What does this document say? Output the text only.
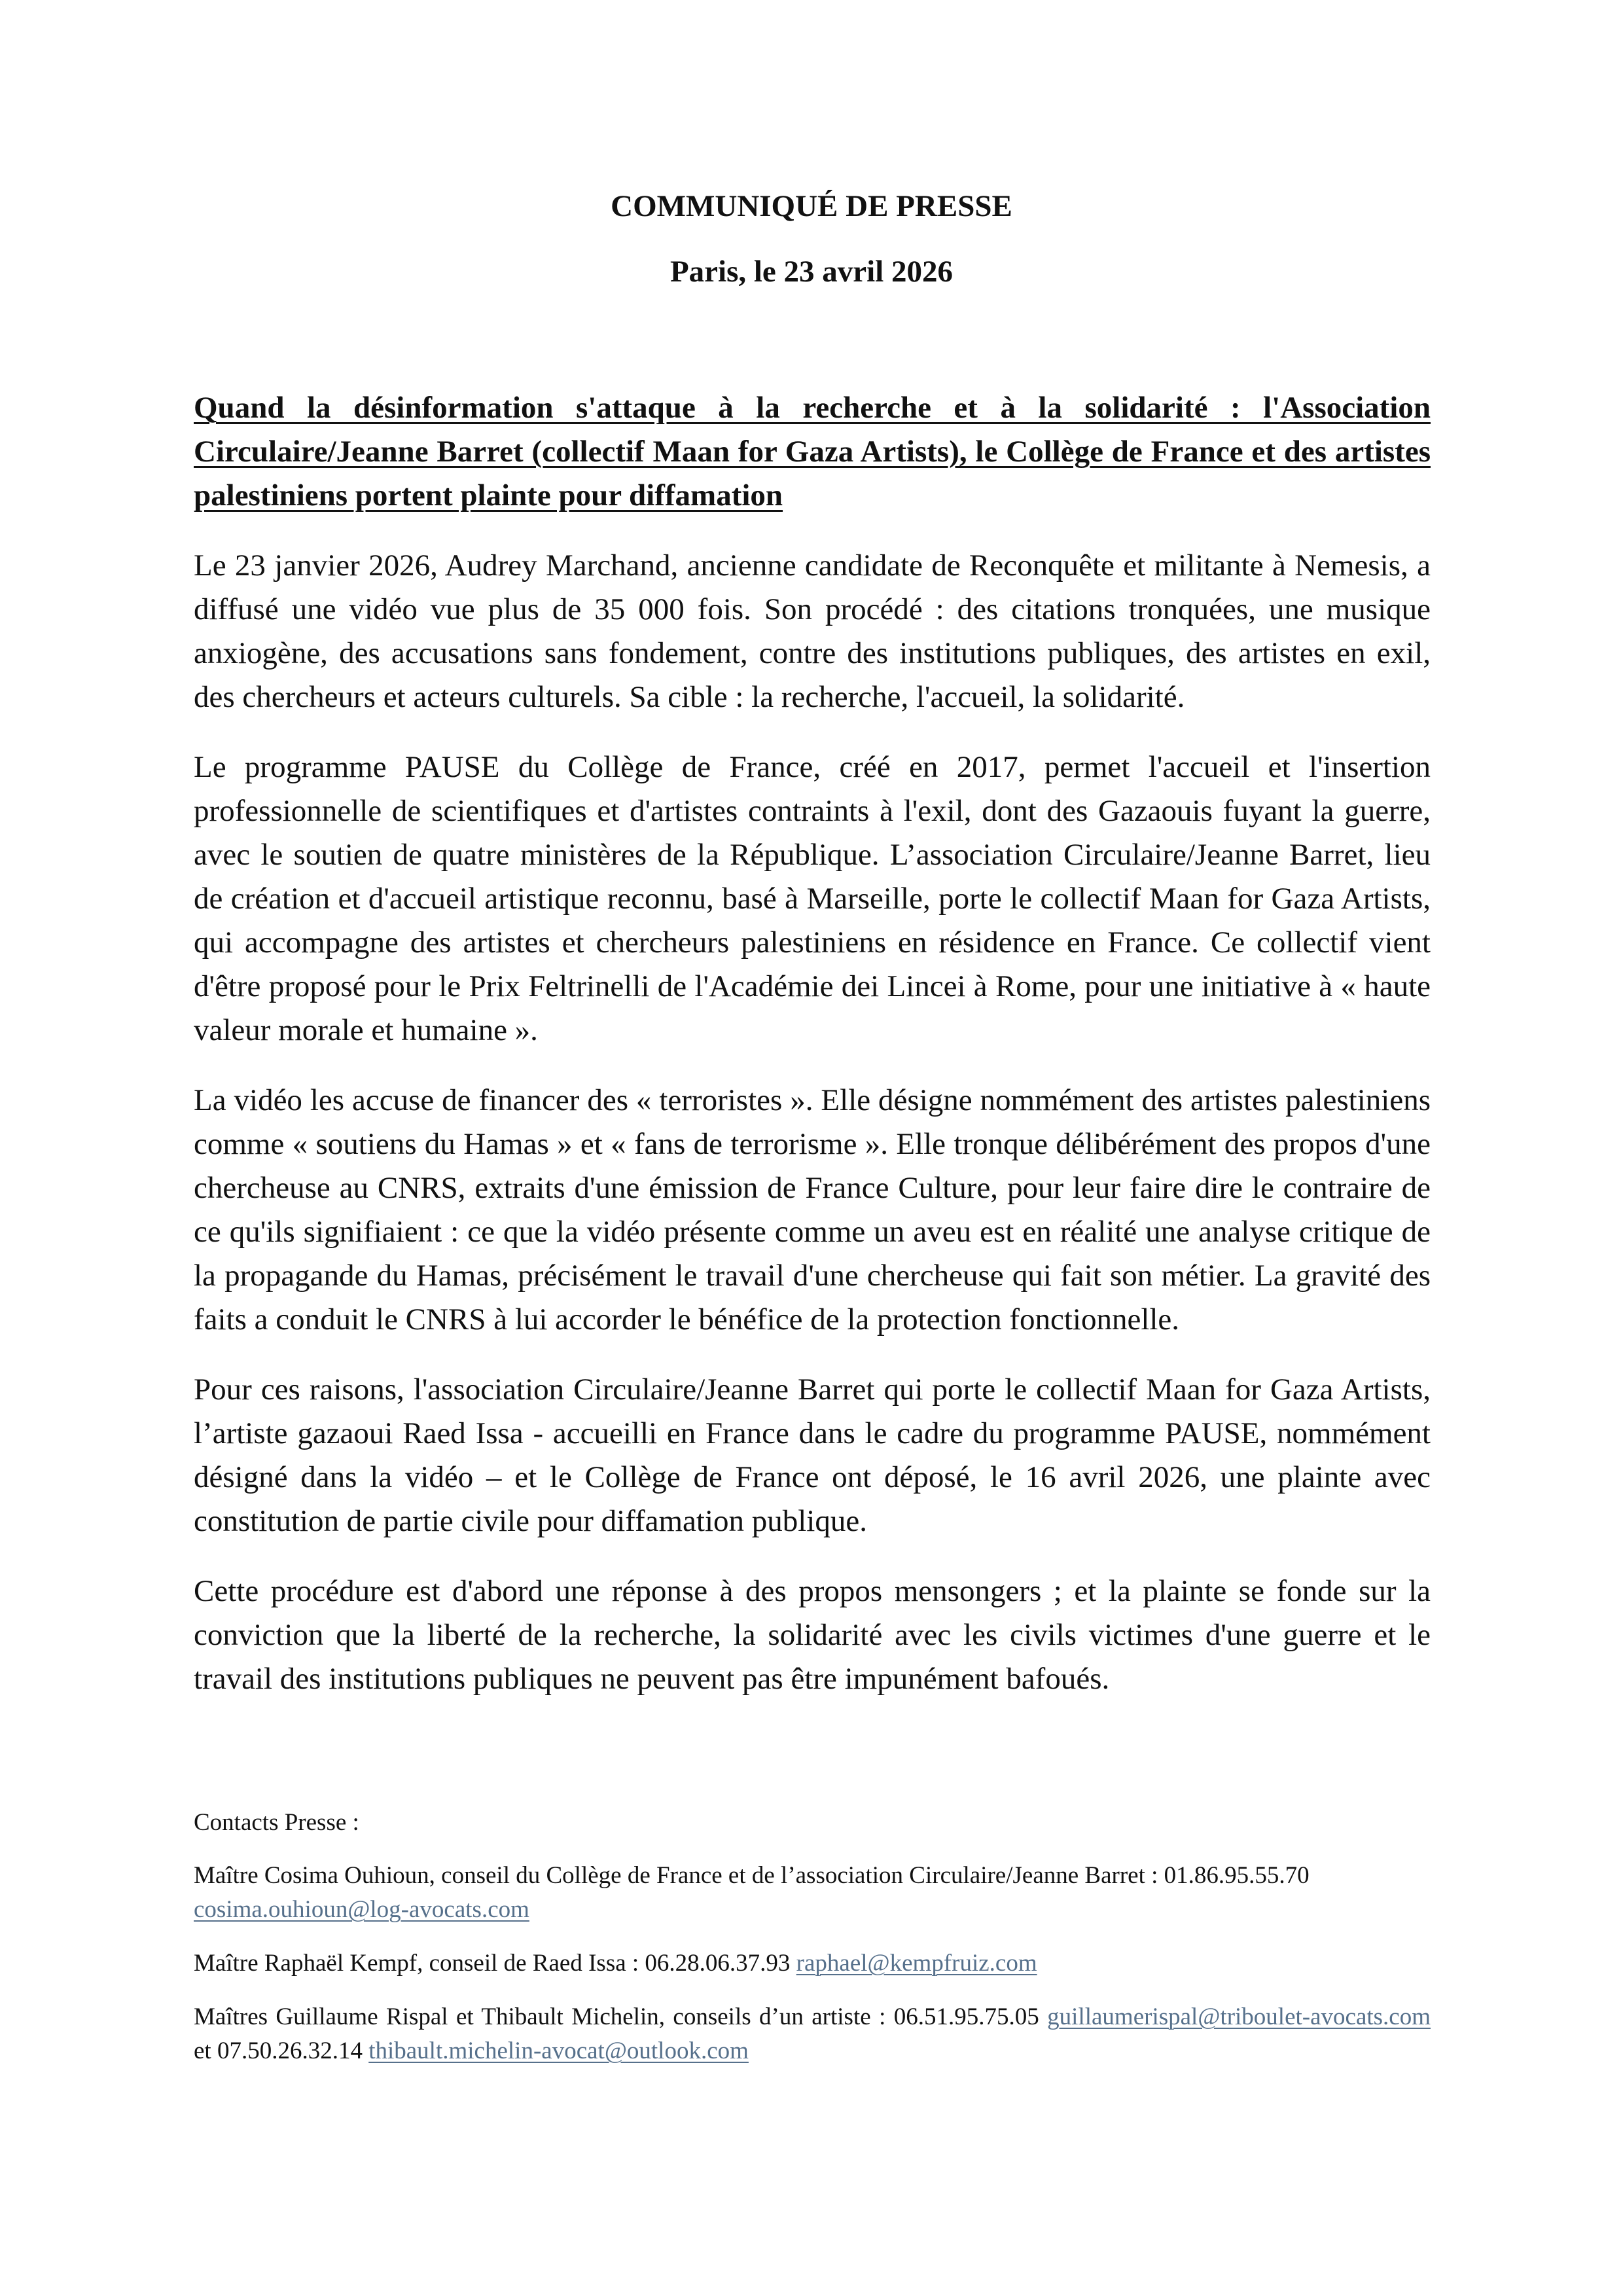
COMMUNIQUÉ DE PRESSE
Paris, le 23 avril 2026

Quand la désinformation s'attaque à la recherche et à la solidarité : l'Association Circulaire/Jeanne Barret (collectif Maan for Gaza Artists), le Collège de France et des artistes palestiniens portent plainte pour diffamation

Le 23 janvier 2026, Audrey Marchand, ancienne candidate de Reconquête et militante à Nemesis, a diffusé une vidéo vue plus de 35 000 fois. Son procédé : des citations tronquées, une musique anxiogène, des accusations sans fondement, contre des institutions publiques, des artistes en exil, des chercheurs et acteurs culturels. Sa cible : la recherche, l'accueil, la solidarité.

Le programme PAUSE du Collège de France, créé en 2017, permet l'accueil et l'insertion professionnelle de scientifiques et d'artistes contraints à l'exil, dont des Gazaouis fuyant la guerre, avec le soutien de quatre ministères de la République. L’association Circulaire/Jeanne Barret, lieu de création et d'accueil artistique reconnu, basé à Marseille, porte le collectif Maan for Gaza Artists, qui accompagne des artistes et chercheurs palestiniens en résidence en France. Ce collectif vient d'être proposé pour le Prix Feltrinelli de l'Académie dei Lincei à Rome, pour une initiative à « haute valeur morale et humaine ».

La vidéo les accuse de financer des « terroristes ». Elle désigne nommément des artistes palestiniens comme « soutiens du Hamas » et « fans de terrorisme ». Elle tronque délibérément des propos d'une chercheuse au CNRS, extraits d'une émission de France Culture, pour leur faire dire le contraire de ce qu'ils signifiaient : ce que la vidéo présente comme un aveu est en réalité une analyse critique de la propagande du Hamas, précisément le travail d'une chercheuse qui fait son métier. La gravité des faits a conduit le CNRS à lui accorder le bénéfice de la protection fonctionnelle.

Pour ces raisons, l'association Circulaire/Jeanne Barret qui porte le collectif Maan for Gaza Artists, l’artiste gazaoui Raed Issa - accueilli en France dans le cadre du programme PAUSE, nommément désigné dans la vidéo – et le Collège de France ont déposé, le 16 avril 2026, une plainte avec constitution de partie civile pour diffamation publique.

Cette procédure est d'abord une réponse à des propos mensongers ; et la plainte se fonde sur la conviction que la liberté de la recherche, la solidarité avec les civils victimes d'une guerre et le travail des institutions publiques ne peuvent pas être impunément bafoués.

Contacts Presse :

Maître Cosima Ouhioun, conseil du Collège de France et de l’association Circulaire/Jeanne Barret : 01.86.95.55.70
cosima.ouhioun@log-avocats.com

Maître Raphaël Kempf, conseil de Raed Issa : 06.28.06.37.93 raphael@kempfruiz.com

Maîtres Guillaume Rispal et Thibault Michelin, conseils d’un artiste : 06.51.95.75.05 guillaumerispal@triboulet-avocats.com et 07.50.26.32.14 thibault.michelin-avocat@outlook.com
